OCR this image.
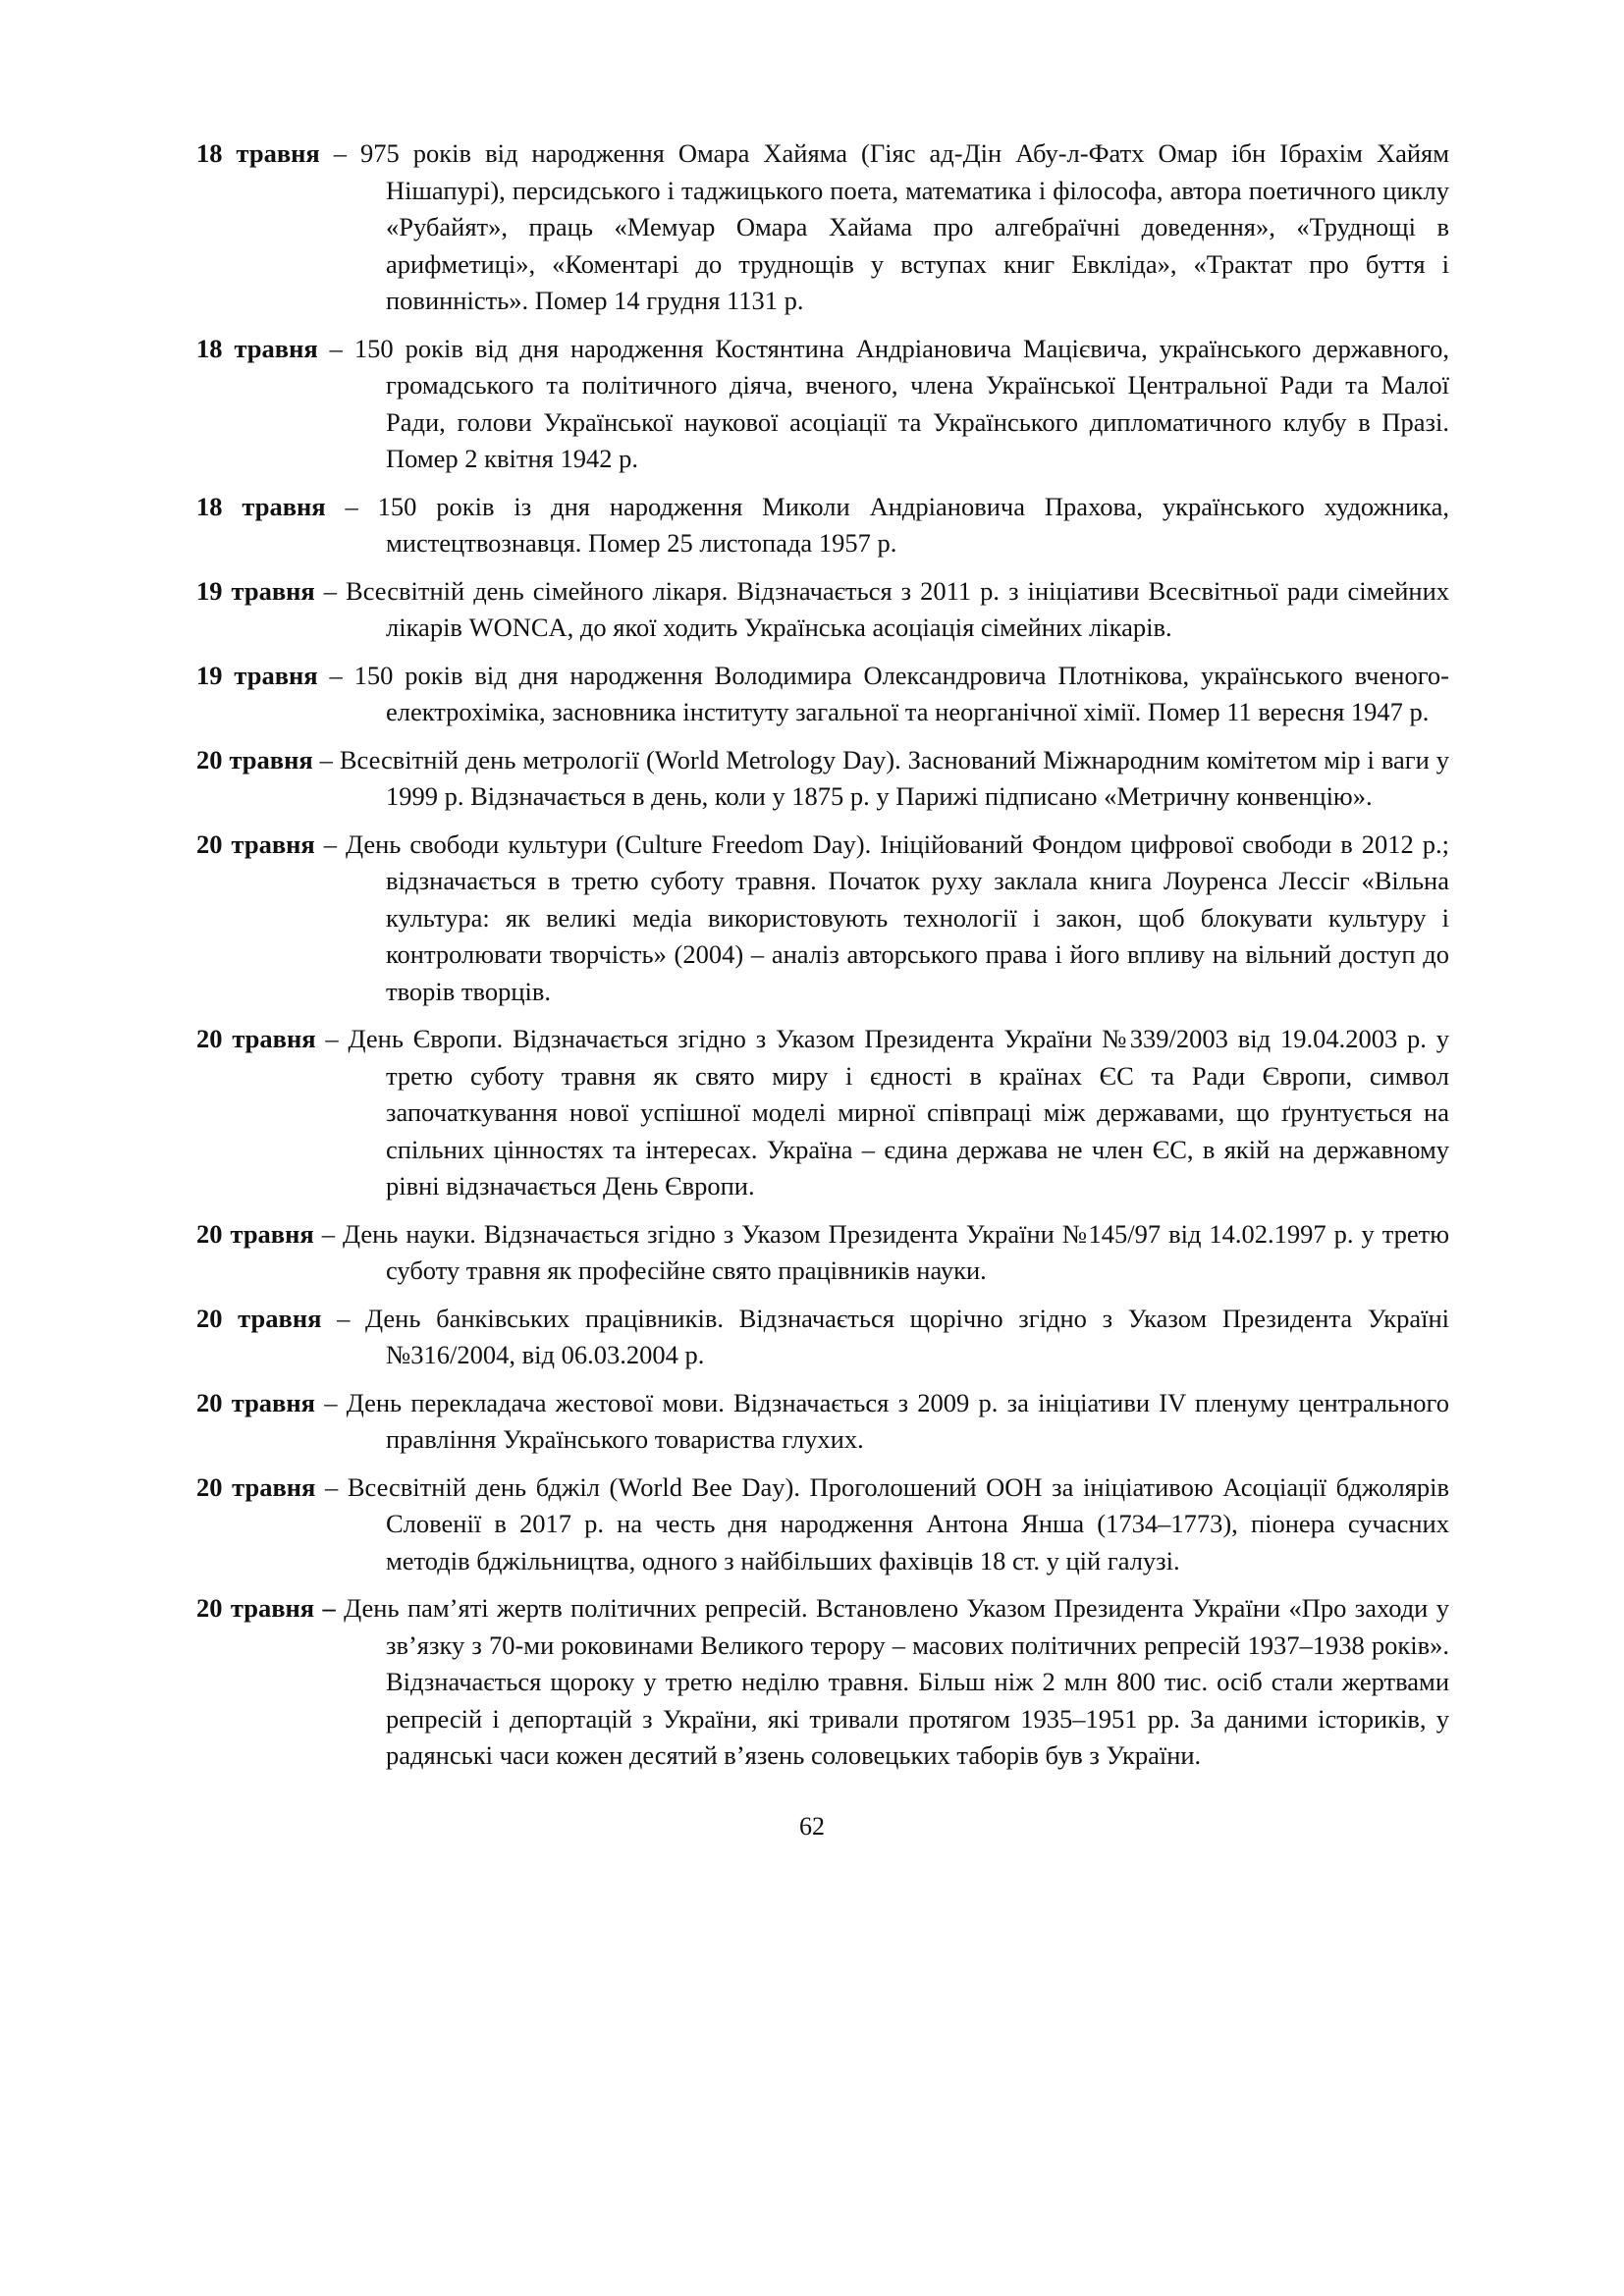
18 травня – 975 років від народження Омара Хайяма (Гіяс ад-Дін Абу-л-Фатх Омар ібн Ібрахім Хайям Нішапурі), персидського і таджицького поета, математика і філософа, автора поетичного циклу «Рубайят», праць «Мемуар Омара Хайама про алгебраїчні доведення», «Труднощі в арифметиці», «Коментарі до труднощів у вступах книг Евкліда», «Трактат про буття і повинність». Помер 14 грудня 1131 р.

18 травня – 150 років від дня народження Костянтина Андріановича Мацієвича, українського державного, громадського та політичного діяча, вченого, члена Української Центральної Ради та Малої Ради, голови Української наукової асоціації та Українського дипломатичного клубу в Празі. Помер 2 квітня 1942 р.

18 травня – 150 років із дня народження Миколи Андріановича Прахова, українського художника, мистецтвознавця. Помер 25 листопада 1957 р.

19 травня – Всесвітній день сімейного лікаря. Відзначається з 2011 р. з ініціативи Всесвітньої ради сімейних лікарів WONCA, до якої ходить Українська асоціація сімейних лікарів.

19 травня – 150 років від дня народження Володимира Олександровича Плотнікова, українського вченого-електрохіміка, засновника інституту загальної та неорганічної хімії. Помер 11 вересня 1947 р.

20 травня – Всесвітній день метрології (World Metrology Day). Заснований Міжнародним комітетом мір і ваги у 1999 р. Відзначається в день, коли у 1875 р. у Парижі підписано «Метричну конвенцію».

20 травня – День свободи культури (Culture Freedom Day). Ініційований Фондом цифрової свободи в 2012 р.; відзначається в третю суботу травня. Початок руху заклала книга Лоуренса Лессіг «Вільна культура: як великі медіа використовують технології і закон, щоб блокувати культуру і контролювати творчість» (2004) – аналіз авторського права і його впливу на вільний доступ до творів творців.

20 травня – День Європи. Відзначається згідно з Указом Президента України №339/2003 від 19.04.2003 р. у третю суботу травня як свято миру і єдності в країнах ЄС та Ради Європи, символ започаткування нової успішної моделі мирної співпраці між державами, що ґрунтується на спільних цінностях та інтересах. Україна – єдина держава не член ЄС, в якій на державному рівні відзначається День Європи.

20 травня – День науки. Відзначається згідно з Указом Президента України №145/97 від 14.02.1997 р. у третю суботу травня як професійне свято працівників науки.

20 травня – День банківських працівників. Відзначається щорічно згідно з Указом Президента Україні №316/2004, від 06.03.2004 р.

20 травня – День перекладача жестової мови. Відзначається з 2009 р. за ініціативи IV пленуму центрального правління Українського товариства глухих.

20 травня – Всесвітній день бджіл (World Bee Day). Проголошений ООН за ініціативою Асоціації бджолярів Словенії в 2017 р. на честь дня народження Антона Янша (1734–1773), піонера сучасних методів бджільництва, одного з найбільших фахівців 18 ст. у цій галузі.

20 травня – День пам’яті жертв політичних репресій. Встановлено Указом Президента України «Про заходи у зв’язку з 70-ми роковинами Великого терору – масових політичних репресій 1937–1938 років». Відзначається щороку у третю неділю травня. Більш ніж 2 млн 800 тис. осіб стали жертвами репресій і депортацій з України, які тривали протягом 1935–1951 рр. За даними істориків, у радянські часи кожен десятий в’язень соловецьких таборів був з України.

62
